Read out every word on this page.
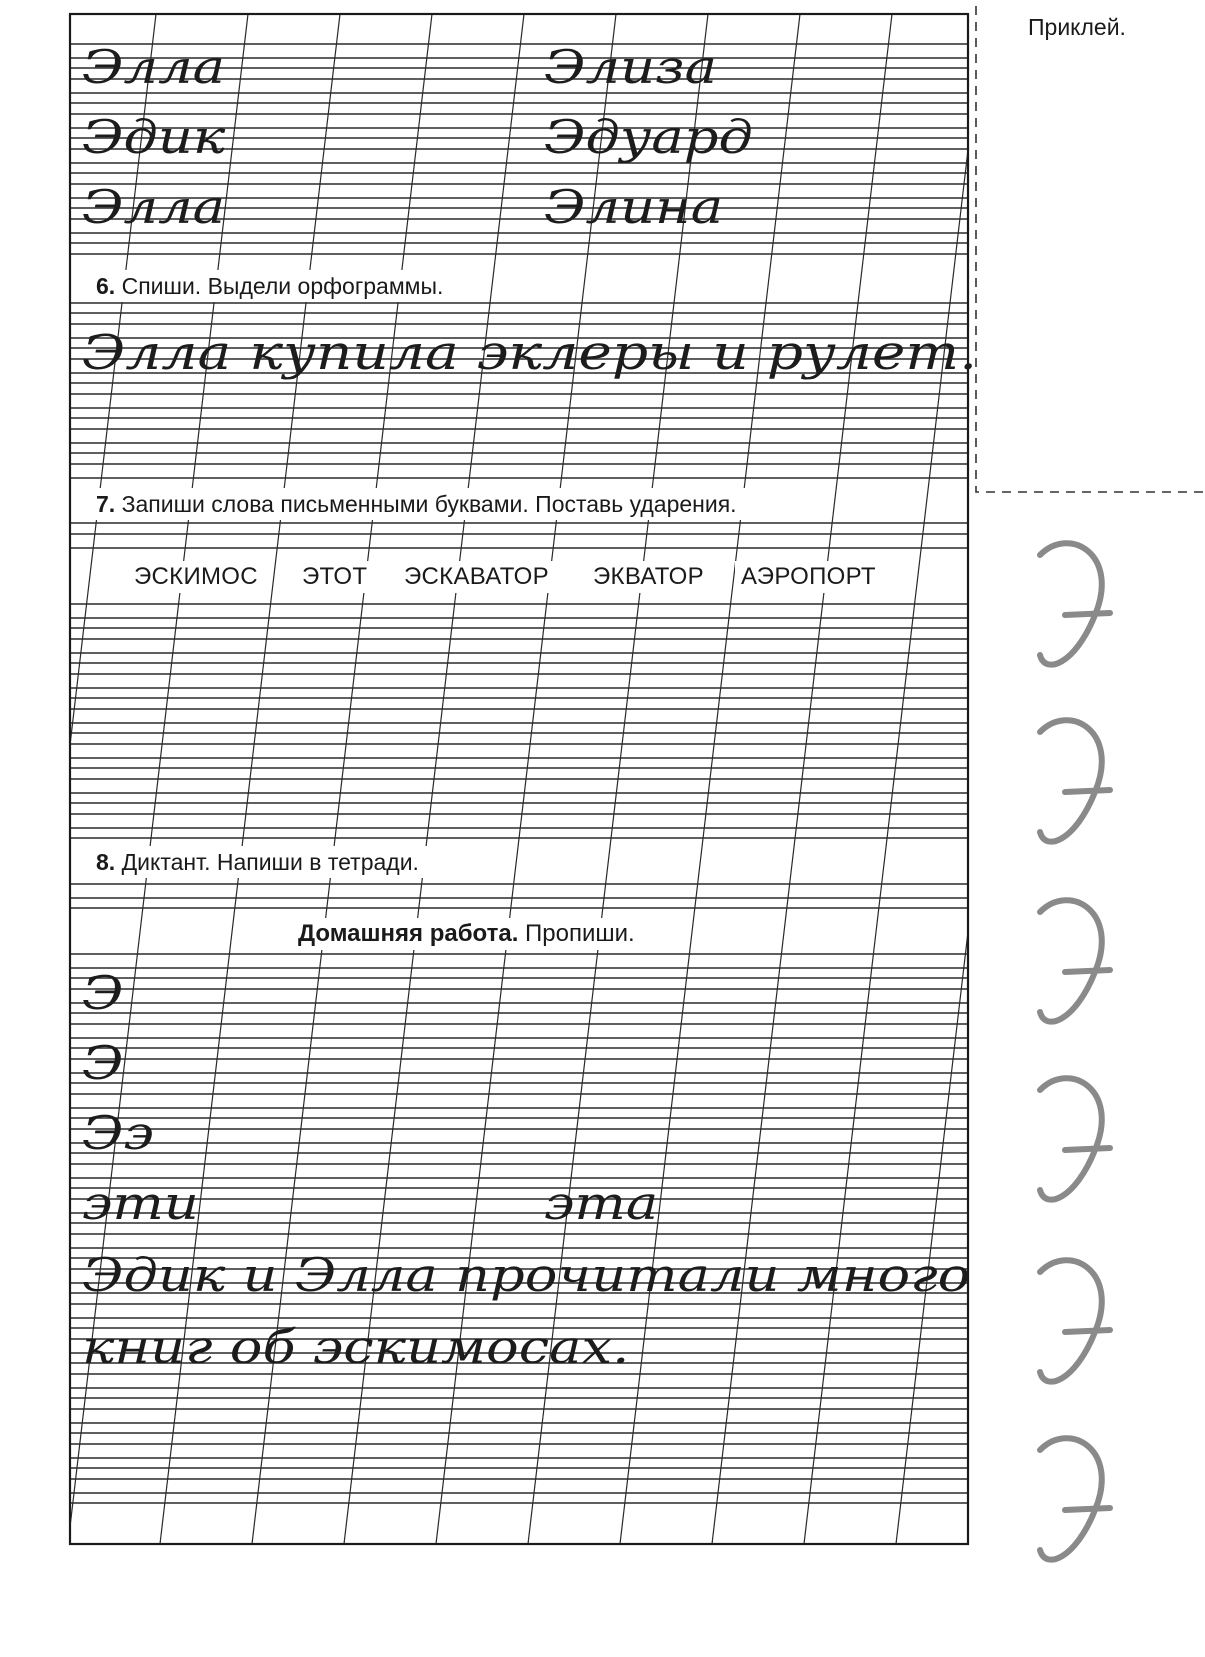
Приклей.
Элла	Элиза
Эдик	Эдуард
Элла	Элина
6. Спиши. Выдели орфограммы.
Элла купила эклеры и рулет.
7. Запиши слова письменными буквами. Поставь ударения.
ЭСКИМОС ЭТОТ ЭСКАВАТОР ЭКВАТОР АЭРОПОРТ
8. Диктант. Напиши в тетради.
Домашняя работа. Пропиши.
Э
Э
Ээ
эти	эта
Эдик и Элла прочитали много
книг об эскимосах.
